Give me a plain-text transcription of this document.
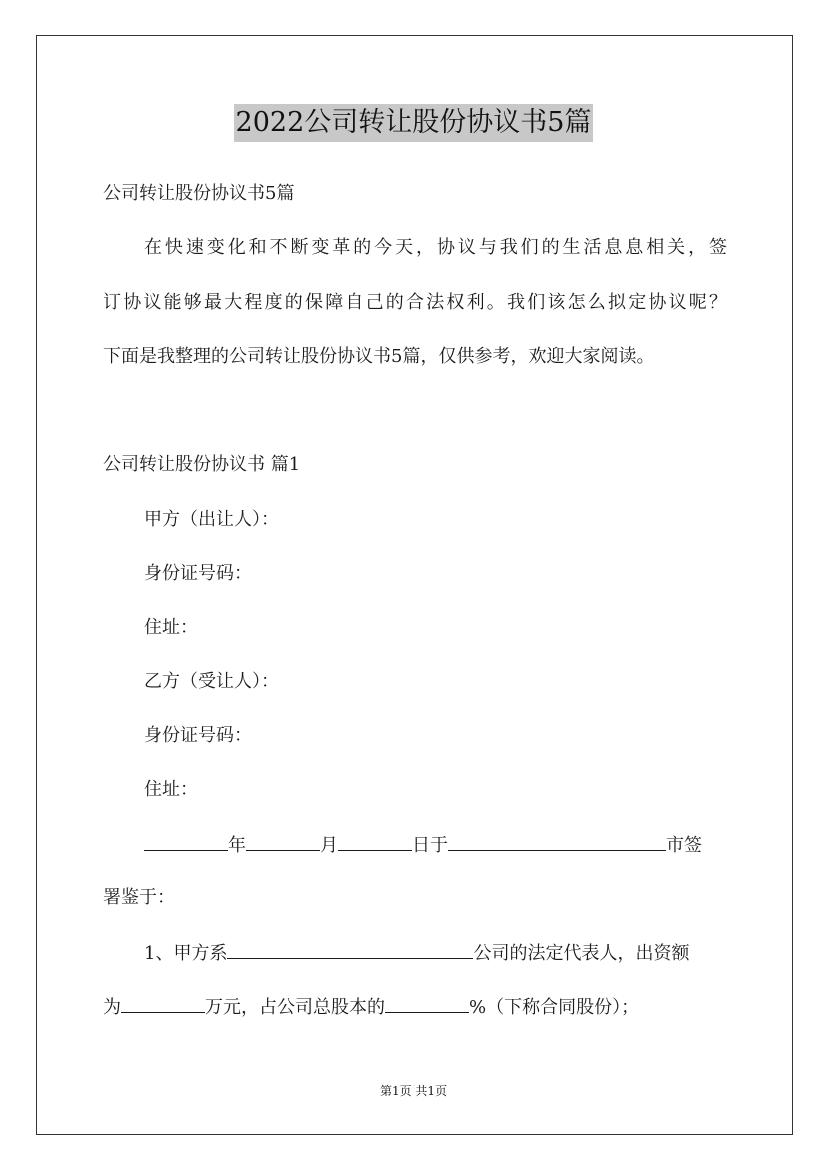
2022公司转让股份协议书5篇
公司转让股份协议书5篇
在快速变化和不断变革的今天，协议与我们的生活息息相关，签
订协议能够最大程度的保障自己的合法权利。我们该怎么拟定协议呢？
下面是我整理的公司转让股份协议书5篇，仅供参考，欢迎大家阅读。
公司转让股份协议书 篇1
甲方（出让人）：
身份证号码：
住址：
乙方（受让人）：
身份证号码：
住址：
年	月	日于	市签
署鉴于：
1、甲方系	公司的法定代表人，出资额
为	万元，占公司总股本的	%（下称合同股份）；
第1页 共1页
